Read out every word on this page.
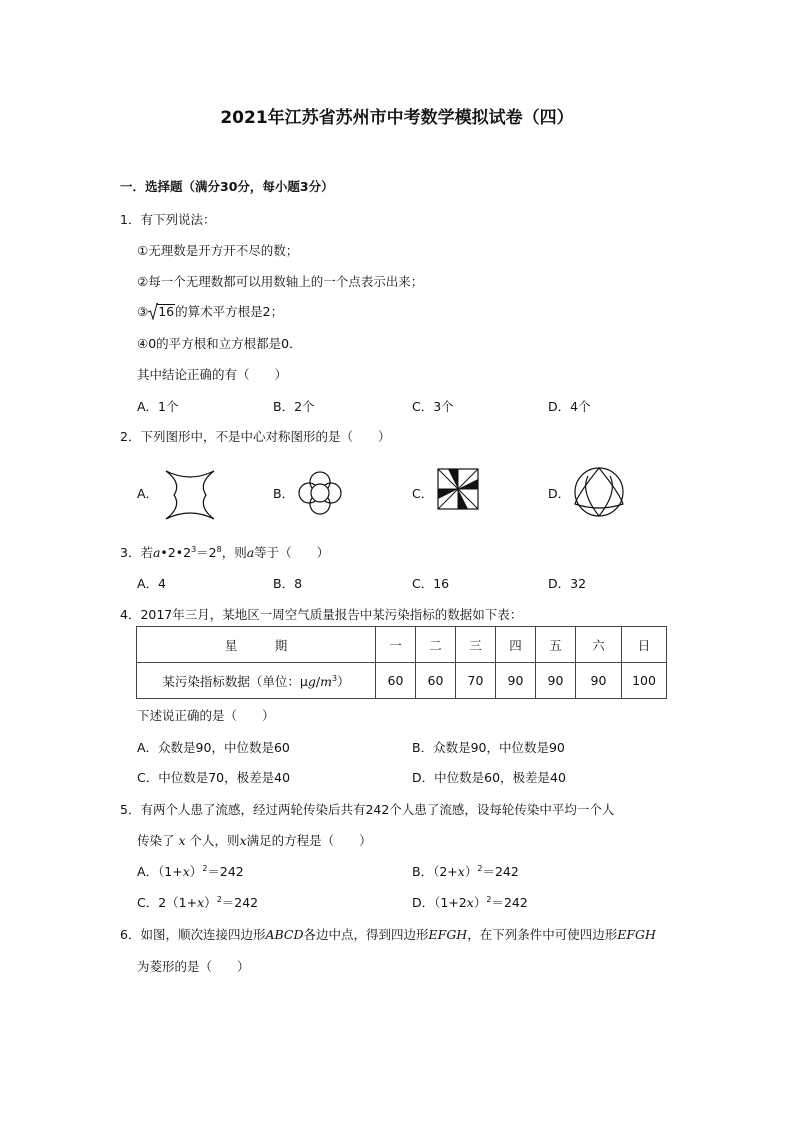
2021年江苏省苏州市中考数学模拟试卷（四）
一．选择题（满分30分，每小题3分）
1．有下列说法：
①无理数是开方开不尽的数；
②每一个无理数都可以用数轴上的一个点表示出来；
③ 16的算术平方根是2；
④0的平方根和立方根都是0．
其中结论正确的有（　　）
A．1个	B．2个	C．3个	D．4个
2．下列图形中，不是中心对称图形的是（　　）
A．	B．	C．	D．
3．若$a•2•2^3=2^8$，则a等于（　　）
A．4	B．8	C．16	D．32
4．2017年三月，某地区一周空气质量报告中某污染指标的数据如下表：
星　　　期	一	二	三	四	五	六	日
某污染指标数据（单位：$\mu g/m^3$）	60	60	70	90	90	90	100
下述说正确的是（　　）
A．众数是90，中位数是60	B．众数是90，中位数是90
C．中位数是70，极差是40	D．中位数是60，极差是40
5．有两个人患了流感，经过两轮传染后共有242个人患了流感，设每轮传染中平均一个人
传染了 x 个人，则x满足的方程是（　　）
A．$(1+x)^2=242$	B．$(2+x)^2=242$
C．$2(1+x)^2=242$	D．$(1+2x)^2=242$
6．如图，顺次连接四边形ABCD各边中点，得到四边形EFGH，在下列条件中可使四边形EFGH
为菱形的是（　　）
